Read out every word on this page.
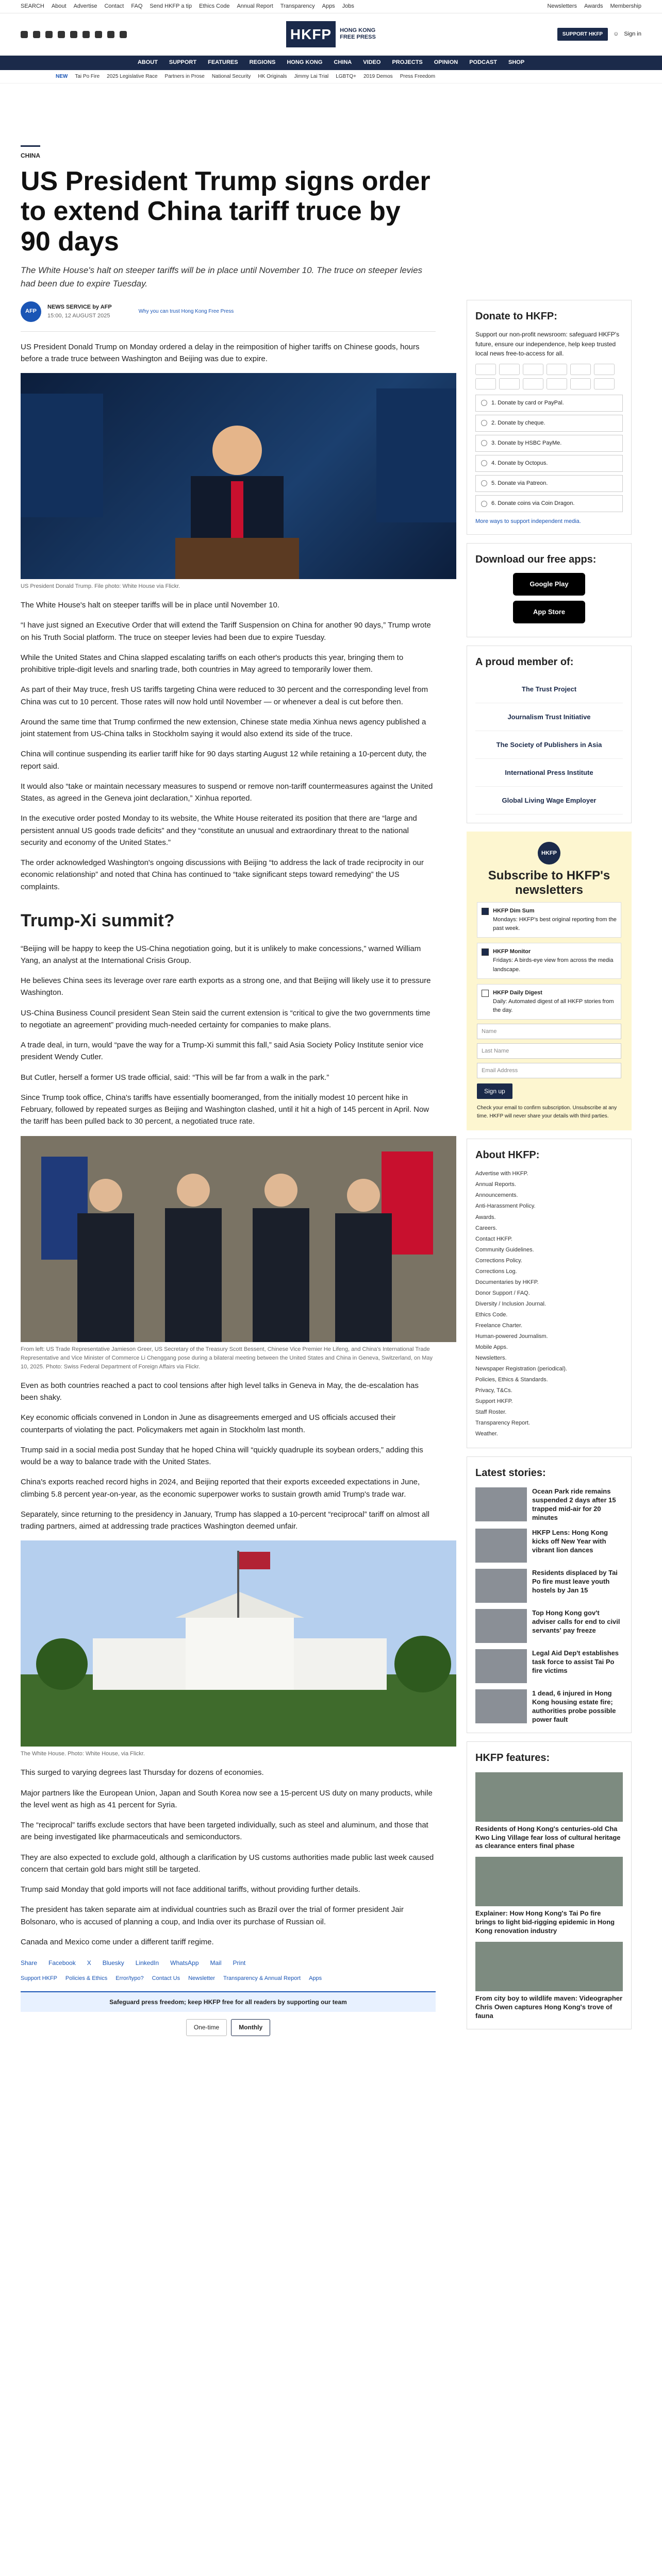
SEARCH About Advertise Contact FAQ Send HKFP a tip Ethics Code Annual Report Transparency Apps Jobs	Newsletters Awards Membership
HKFP	HONG KONG FREE PRESS
SUPPORT HKFP	☺ Sign in
ABOUT SUPPORT FEATURES REGIONS HONG KONG CHINA VIDEO PROJECTS OPINION PODCAST SHOP
NEW Tai Po Fire 2025 Legislative Race Partners in Prose National Security HK Originals Jimmy Lai Trial LGBTQ+ 2019 Demos Press Freedom
CHINA
US President Trump signs order to extend China tariff truce by 90 days
The White House's halt on steeper tariffs will be in place until November 10. The truce on steeper levies had been due to expire Tuesday.
AFP
NEWS SERVICE by AFP
15:00, 12 AUGUST 2025
Why you can trust Hong Kong Free Press

US President Donald Trump on Monday ordered a delay in the reimposition of higher tariffs on Chinese goods, hours before a trade truce between Washington and Beijing was due to expire.

US President Donald Trump. File photo: White House via Flickr.

The White House's halt on steeper tariffs will be in place until November 10.

“I have just signed an Executive Order that will extend the Tariff Suspension on China for another 90 days,” Trump wrote on his Truth Social platform. The truce on steeper levies had been due to expire Tuesday.

While the United States and China slapped escalating tariffs on each other's products this year, bringing them to prohibitive triple-digit levels and snarling trade, both countries in May agreed to temporarily lower them.

As part of their May truce, fresh US tariffs targeting China were reduced to 30 percent and the corresponding level from China was cut to 10 percent. Those rates will now hold until November — or whenever a deal is cut before then.

Around the same time that Trump confirmed the new extension, Chinese state media Xinhua news agency published a joint statement from US-China talks in Stockholm saying it would also extend its side of the truce.

China will continue suspending its earlier tariff hike for 90 days starting August 12 while retaining a 10-percent duty, the report said.

It would also “take or maintain necessary measures to suspend or remove non-tariff countermeasures against the United States, as agreed in the Geneva joint declaration,” Xinhua reported.

In the executive order posted Monday to its website, the White House reiterated its position that there are “large and persistent annual US goods trade deficits” and they “constitute an unusual and extraordinary threat to the national security and economy of the United States.”

The order acknowledged Washington's ongoing discussions with Beijing “to address the lack of trade reciprocity in our economic relationship” and noted that China has continued to “take significant steps toward remedying” the US complaints.

Trump-Xi summit?

“Beijing will be happy to keep the US-China negotiation going, but it is unlikely to make concessions,” warned William Yang, an analyst at the International Crisis Group.

He believes China sees its leverage over rare earth exports as a strong one, and that Beijing will likely use it to pressure Washington.

US-China Business Council president Sean Stein said the current extension is “critical to give the two governments time to negotiate an agreement” providing much-needed certainty for companies to make plans.

A trade deal, in turn, would “pave the way for a Trump-Xi summit this fall,” said Asia Society Policy Institute senior vice president Wendy Cutler.

But Cutler, herself a former US trade official, said: “This will be far from a walk in the park.”

Since Trump took office, China's tariffs have essentially boomeranged, from the initially modest 10 percent hike in February, followed by repeated surges as Beijing and Washington clashed, until it hit a high of 145 percent in April. Now the tariff has been pulled back to 30 percent, a negotiated truce rate.

From left: US Trade Representative Jamieson Greer, US Secretary of the Treasury Scott Bessent, Chinese Vice Premier He Lifeng, and China's International Trade Representative and Vice Minister of Commerce Li Chenggang pose during a bilateral meeting between the United States and China in Geneva, Switzerland, on May 10, 2025. Photo: Swiss Federal Department of Foreign Affairs via Flickr.

Even as both countries reached a pact to cool tensions after high level talks in Geneva in May, the de-escalation has been shaky.

Key economic officials convened in London in June as disagreements emerged and US officials accused their counterparts of violating the pact. Policymakers met again in Stockholm last month.

Trump said in a social media post Sunday that he hoped China will “quickly quadruple its soybean orders,” adding this would be a way to balance trade with the United States.

China's exports reached record highs in 2024, and Beijing reported that their exports exceeded expectations in June, climbing 5.8 percent year-on-year, as the economic superpower works to sustain growth amid Trump's trade war.

Separately, since returning to the presidency in January, Trump has slapped a 10-percent “reciprocal” tariff on almost all trading partners, aimed at addressing trade practices Washington deemed unfair.

The White House. Photo: White House, via Flickr.

This surged to varying degrees last Thursday for dozens of economies.

Major partners like the European Union, Japan and South Korea now see a 15-percent US duty on many products, while the level went as high as 41 percent for Syria.

The “reciprocal” tariffs exclude sectors that have been targeted individually, such as steel and aluminum, and those that are being investigated like pharmaceuticals and semiconductors.

They are also expected to exclude gold, although a clarification by US customs authorities made public last week caused concern that certain gold bars might still be targeted.

Trump said Monday that gold imports will not face additional tariffs, without providing further details.

The president has taken separate aim at individual countries such as Brazil over the trial of former president Jair Bolsonaro, who is accused of planning a coup, and India over its purchase of Russian oil.

Canada and Mexico come under a different tariff regime.

Share Facebook X Bluesky LinkedIn WhatsApp Mail Print
Support HKFP Policies & Ethics Error/typo? Contact Us Newsletter Transparency & Annual Report Apps
Safeguard press freedom; keep HKFP free for all readers by supporting our team
One-time	Monthly
Donate to HKFP:
Support our non-profit newsroom: safeguard HKFP's future, ensure our independence, help keep trusted local news free-to-access for all.
1. Donate by card or PayPal.
2. Donate by cheque.
3. Donate by HSBC PayMe.
4. Donate by Octopus.
5. Donate via Patreon.
6. Donate coins via Coin Dragon.
More ways to support independent media.
Download our free apps:
Google Play
App Store
A proud member of:
The Trust Project
Journalism Trust Initiative
The Society of Publishers in Asia
International Press Institute
Global Living Wage Employer
HKFP
Subscribe to HKFP's newsletters
HKFP Dim Sum
Mondays: HKFP's best original reporting from the past week.
HKFP Monitor
Fridays: A birds-eye view from across the media landscape.
HKFP Daily Digest
Daily: Automated digest of all HKFP stories from the day.
Name
Last Name
Email Address
Sign up
Check your email to confirm subscription. Unsubscribe at any time. HKFP will never share your details with third parties.
About HKFP:
Advertise with HKFP.
Annual Reports.
Announcements.
Anti-Harassment Policy.
Awards.
Careers.
Contact HKFP.
Community Guidelines.
Corrections Policy.
Corrections Log.
Documentaries by HKFP.
Donor Support / FAQ.
Diversity / Inclusion Journal.
Ethics Code.
Freelance Charter.
Human-powered Journalism.
Mobile Apps.
Newsletters.
Newspaper Registration (periodical).
Policies, Ethics & Standards.
Privacy, T&Cs.
Support HKFP.
Staff Roster.
Transparency Report.
Weather.
Latest stories:
Ocean Park ride remains suspended 2 days after 15 trapped mid-air for 20 minutes
HKFP Lens: Hong Kong kicks off New Year with vibrant lion dances
Residents displaced by Tai Po fire must leave youth hostels by Jan 15
Top Hong Kong gov't adviser calls for end to civil servants' pay freeze
Legal Aid Dep't establishes task force to assist Tai Po fire victims
1 dead, 6 injured in Hong Kong housing estate fire; authorities probe possible power fault
HKFP features:
Residents of Hong Kong's centuries-old Cha Kwo Ling Village fear loss of cultural heritage as clearance enters final phase
Explainer: How Hong Kong's Tai Po fire brings to light bid-rigging epidemic in Hong Kong renovation industry
From city boy to wildlife maven: Videographer Chris Owen captures Hong Kong's trove of fauna
